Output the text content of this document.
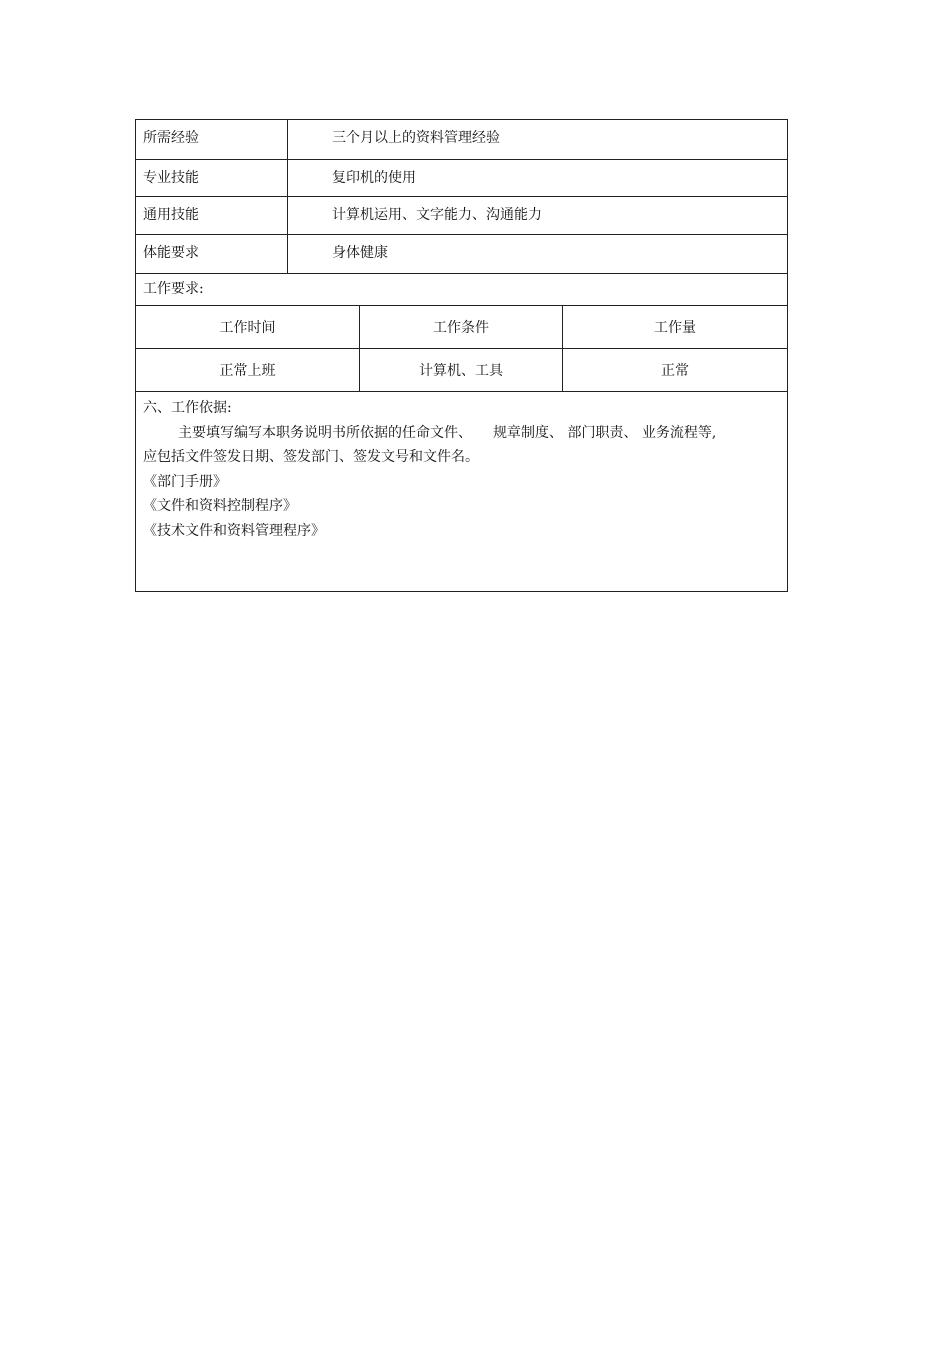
所需经验	三个月以上的资料管理经验
专业技能	复印机的使用
通用技能	计算机运用、文字能力、沟通能力
体能要求	身体健康
工作要求:
工作时间	工作条件	工作量
正常上班	计算机、工具	正常

六、工作依据:

主要填写编写本职务说明书所依据的任命文件、　　规章制度、 部门职责、 业务流程等,

应包括文件签发日期、签发部门、签发文号和文件名。

《部门手册》

《文件和资料控制程序》

《技术文件和资料管理程序》
